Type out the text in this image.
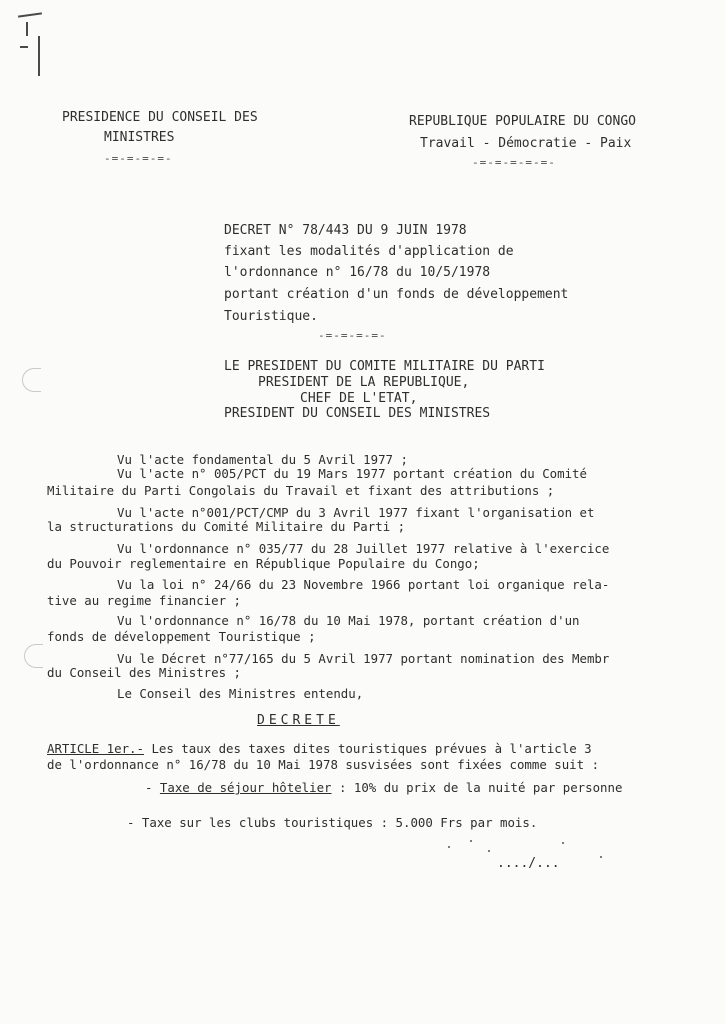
PRESIDENCE DU CONSEIL DES
MINISTRES
-=-=-=-=-
REPUBLIQUE POPULAIRE DU CONGO
Travail - Démocratie - Paix
-=-=-=-=-=-
DECRET N° 78/443 DU 9 JUIN 1978
fixant les modalités d'application de
l'ordonnance n° 16/78 du 10/5/1978
portant création d'un fonds de développement
Touristique.
-=-=-=-=-
LE PRESIDENT DU COMITE MILITAIRE DU PARTI
PRESIDENT DE LA REPUBLIQUE,
CHEF DE L'ETAT,
PRESIDENT DU CONSEIL DES MINISTRES
Vu l'acte fondamental du 5 Avril 1977 ;
Vu l'acte n° 005/PCT du 19 Mars 1977 portant création du Comité
Militaire du Parti Congolais du Travail et fixant des attributions ;
Vu l'acte n°001/PCT/CMP du 3 Avril 1977 fixant l'organisation et
la structurations du Comité Militaire du Parti ;
Vu l'ordonnance n° 035/77 du 28 Juillet 1977 relative à l'exercice
du Pouvoir reglementaire en République Populaire du Congo;
Vu la loi n° 24/66 du 23 Novembre 1966 portant loi organique rela-
tive au regime financier ;
Vu l'ordonnance n° 16/78 du 10 Mai 1978, portant création d'un
fonds de développement Touristique ;
Vu le Décret n°77/165 du 5 Avril 1977 portant nomination des Membr
du Conseil des Ministres ;
Le Conseil des Ministres entendu,
DECRETE
ARTICLE 1er.- Les taux des taxes dites touristiques prévues à l'article 3
de l'ordonnance n° 16/78 du 10 Mai 1978 susvisées sont fixées comme suit :
- Taxe de séjour hôtelier : 10% du prix de la nuité par personne
- Taxe sur les clubs touristiques : 5.000 Frs par mois.
..../...
